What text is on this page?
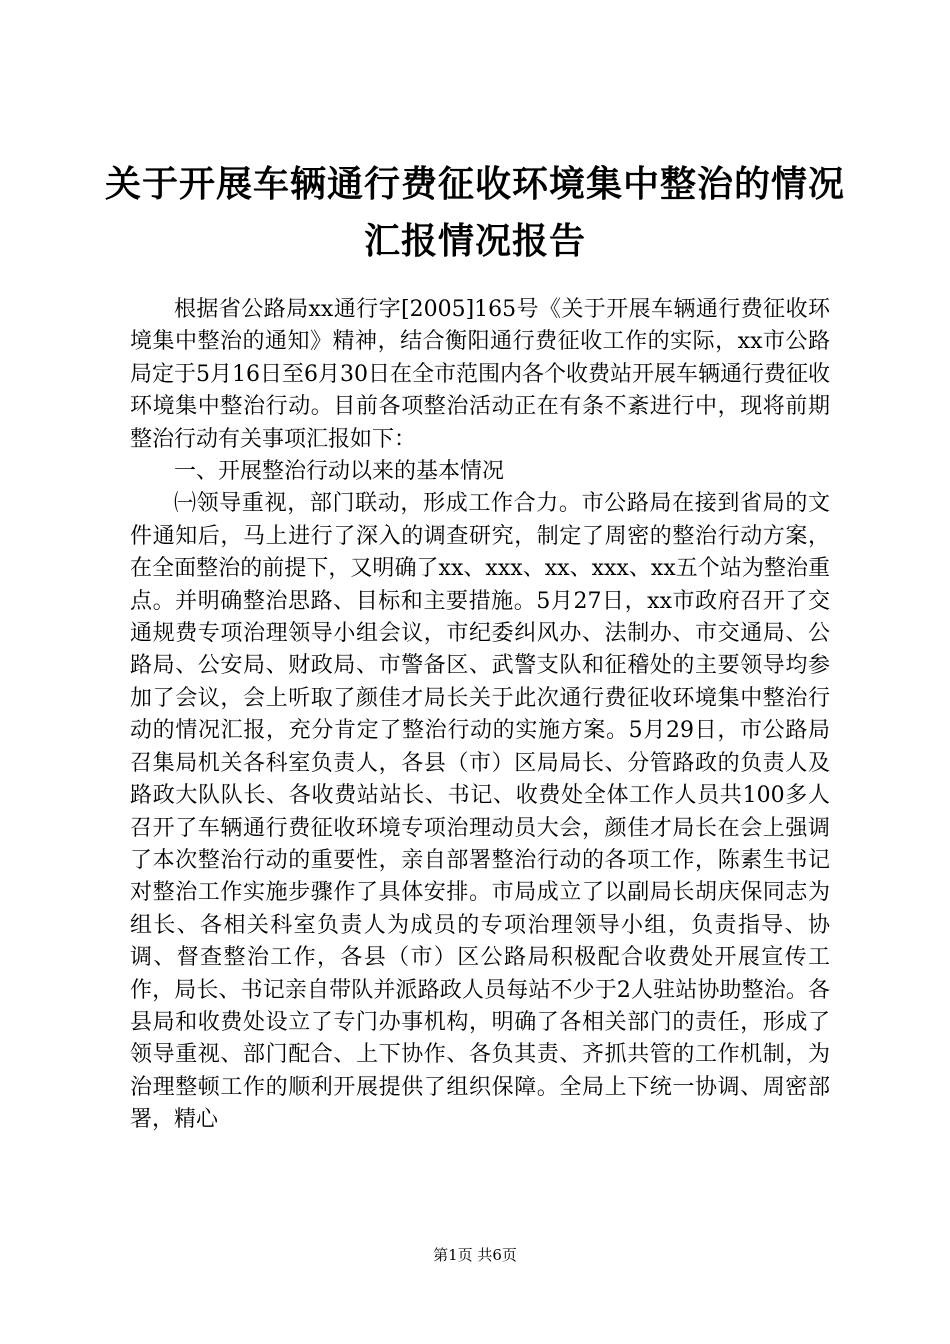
关于开展车辆通行费征收环境集中整治的情况
汇报情况报告

根据省公路局xx通行字[2005]165号《关于开展车辆通行费征收环境集中整治的通知》精神，结合衡阳通行费征收工作的实际，xx市公路局定于5月16日至6月30日在全市范围内各个收费站开展车辆通行费征收环境集中整治行动。目前各项整治活动正在有条不紊进行中，现将前期整治行动有关事项汇报如下：

一、开展整治行动以来的基本情况

㈠领导重视，部门联动，形成工作合力。市公路局在接到省局的文件通知后，马上进行了深入的调查研究，制定了周密的整治行动方案，在全面整治的前提下，又明确了xx、xxx、xx、xxx、xx五个站为整治重点。并明确整治思路、目标和主要措施。5月27日，xx市政府召开了交通规费专项治理领导小组会议，市纪委纠风办、法制办、市交通局、公路局、公安局、财政局、市警备区、武警支队和征稽处的主要领导均参加了会议，会上听取了颜佳才局长关于此次通行费征收环境集中整治行动的情况汇报，充分肯定了整治行动的实施方案。5月29日，市公路局召集局机关各科室负责人，各县（市）区局局长、分管路政的负责人及路政大队队长、各收费站站长、书记、收费处全体工作人员共100多人召开了车辆通行费征收环境专项治理动员大会，颜佳才局长在会上强调了本次整治行动的重要性，亲自部署整治行动的各项工作，陈素生书记对整治工作实施步骤作了具体安排。市局成立了以副局长胡庆保同志为组长、各相关科室负责人为成员的专项治理领导小组，负责指导、协调、督查整治工作，各县（市）区公路局积极配合收费处开展宣传工作，局长、书记亲自带队并派路政人员每站不少于2人驻站协助整治。各县局和收费处设立了专门办事机构，明确了各相关部门的责任，形成了领导重视、部门配合、上下协作、各负其责、齐抓共管的工作机制，为治理整顿工作的顺利开展提供了组织保障。全局上下统一协调、周密部署，精心

第1页 共6页
